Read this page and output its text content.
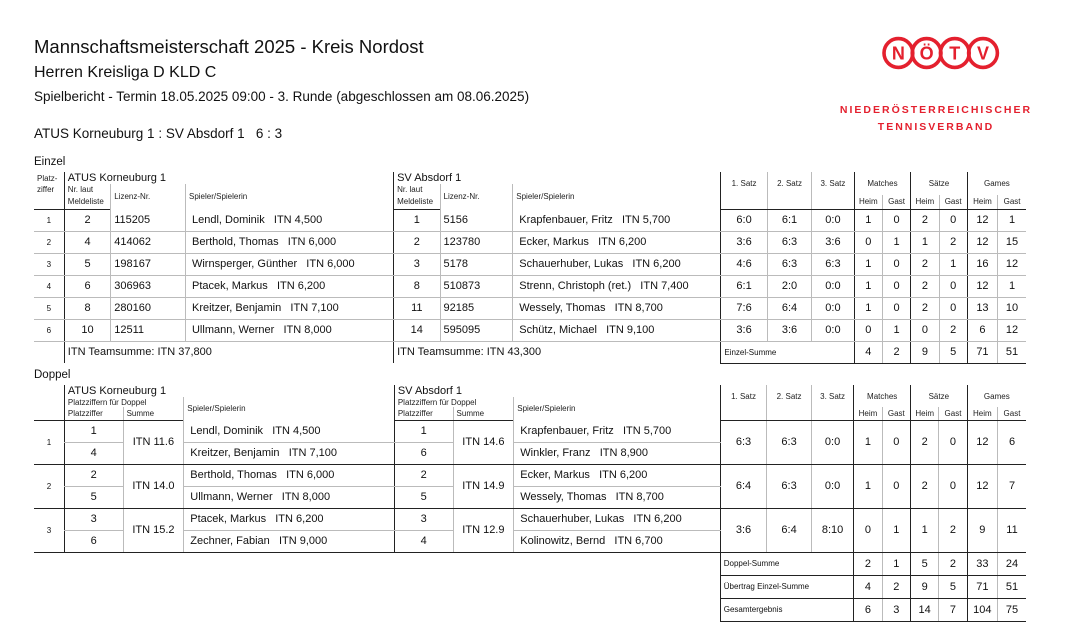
Mannschaftsmeisterschaft 2025 - Kreis Nordost
Herren Kreisliga D KLD C
Spielbericht - Termin 18.05.2025 09:00 - 3. Runde (abgeschlossen am 08.06.2025)
ATUS Korneuburg 1 : SV Absdorf 1   6 : 3
N Ö T V
NIEDERÖSTERREICHISCHER
TENNISVERBAND
Einzel
Platz-	ATUS Korneuburg 1			SV Absdorf 1			1. Satz	2. Satz	3. Satz	Matches		Sätze		Games	
ziffer	Nr. laut	Lizenz-Nr.	Spieler/Spielerin	Nr. laut	Lizenz-Nr.	Spieler/Spielerin									
	Meldeliste			Meldeliste						Heim	Gast	Heim	Gast	Heim	Gast
1	2	115205	Lendl, Dominik   ITN 4,500	1	5156	Krapfenbauer, Fritz   ITN 5,700	6:0	6:1	0:0	1	0	2	0	12	1
2	4	414062	Berthold, Thomas   ITN 6,000	2	123780	Ecker, Markus   ITN 6,200	3:6	6:3	3:6	0	1	1	2	12	15
3	5	198167	Wirnsperger, Günther   ITN 6,000	3	5178	Schauerhuber, Lukas   ITN 6,200	4:6	6:3	6:3	1	0	2	1	16	12
4	6	306963	Ptacek, Markus   ITN 6,200	8	510873	Strenn, Christoph (ret.)   ITN 7,400	6:1	2:0	0:0	1	0	2	0	12	1
5	8	280160	Kreitzer, Benjamin   ITN 7,100	11	92185	Wessely, Thomas   ITN 8,700	7:6	6:4	0:0	1	0	2	0	13	10
6	10	12511	Ullmann, Werner   ITN 8,000	14	595095	Schütz, Michael   ITN 9,100	3:6	3:6	0:0	0	1	0	2	6	12
	ITN Teamsumme: ITN 37,800			ITN Teamsumme: ITN 43,300			Einzel-Summe			4	2	9	5	71	51
Doppel
	ATUS Korneuburg 1			SV Absdorf 1			1. Satz	2. Satz	3. Satz	Matches		Sätze		Games	
	Platzziffern für Doppel		Spieler/Spielerin	Platzziffern für Doppel		Spieler/Spielerin									
	Platzziffer	Summe		Platzziffer	Summe					Heim	Gast	Heim	Gast	Heim	Gast
1	1	ITN 11.6	Lendl, Dominik   ITN 4,500	1	ITN 14.6	Krapfenbauer, Fritz   ITN 5,700	6:3	6:3	0:0	1	0	2	0	12	6
	4		Kreitzer, Benjamin   ITN 7,100	6		Winkler, Franz   ITN 8,900									
2	2	ITN 14.0	Berthold, Thomas   ITN 6,000	2	ITN 14.9	Ecker, Markus   ITN 6,200	6:4	6:3	0:0	1	0	2	0	12	7
	5		Ullmann, Werner   ITN 8,000	5		Wessely, Thomas   ITN 8,700									
3	3	ITN 15.2	Ptacek, Markus   ITN 6,200	3	ITN 12.9	Schauerhuber, Lukas   ITN 6,200	3:6	6:4	8:10	0	1	1	2	9	11
	6		Zechner, Fabian   ITN 9,000	4		Kolinowitz, Bernd   ITN 6,700									
							Doppel-Summe			2	1	5	2	33	24
							Übertrag Einzel-Summe			4	2	9	5	71	51
							Gesamtergebnis			6	3	14	7	104	75
